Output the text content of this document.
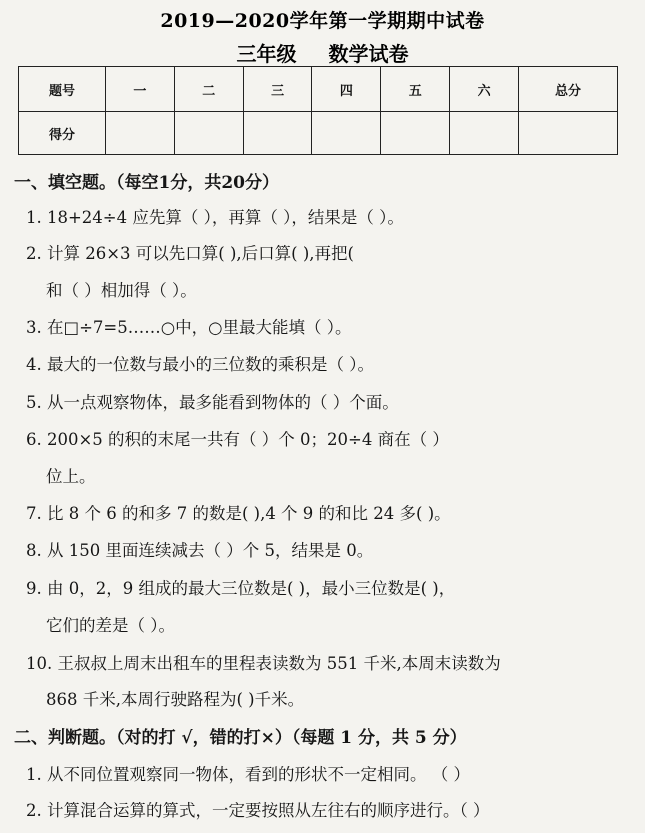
2019—2020学年第一学期期中试卷
三年级 数学试卷
题号	一	二	三	四	五	六	总分
得分							
一、填空题。（每空1分，共20分）
1. 18+24÷4 应先算（ ），再算（ ），结果是（ ）。
2. 计算 26×3 可以先口算( ),后口算( ),再把(
和（ ）相加得（ ）。
3. 在□÷7=5……○中，○里最大能填（ ）。
4. 最大的一位数与最小的三位数的乘积是（ ）。
5. 从一点观察物体，最多能看到物体的（ ）个面。
6. 200×5 的积的末尾一共有（ ）个 0；20÷4 商在（ ）
位上。
7. 比 8 个 6 的和多 7 的数是( ),4 个 9 的和比 24 多( )。
8. 从 150 里面连续减去（ ）个 5，结果是 0。
9. 由 0，2，9 组成的最大三位数是( )，最小三位数是( )，
它们的差是（ ）。
10. 王叔叔上周末出租车的里程表读数为 551 千米,本周末读数为
868 千米,本周行驶路程为( )千米。
二、判断题。（对的打 √，错的打×）（每题 1 分，共 5 分）
1. 从不同位置观察同一物体，看到的形状不一定相同。 （ ）
2. 计算混合运算的算式，一定要按照从左往右的顺序进行。（ ）
